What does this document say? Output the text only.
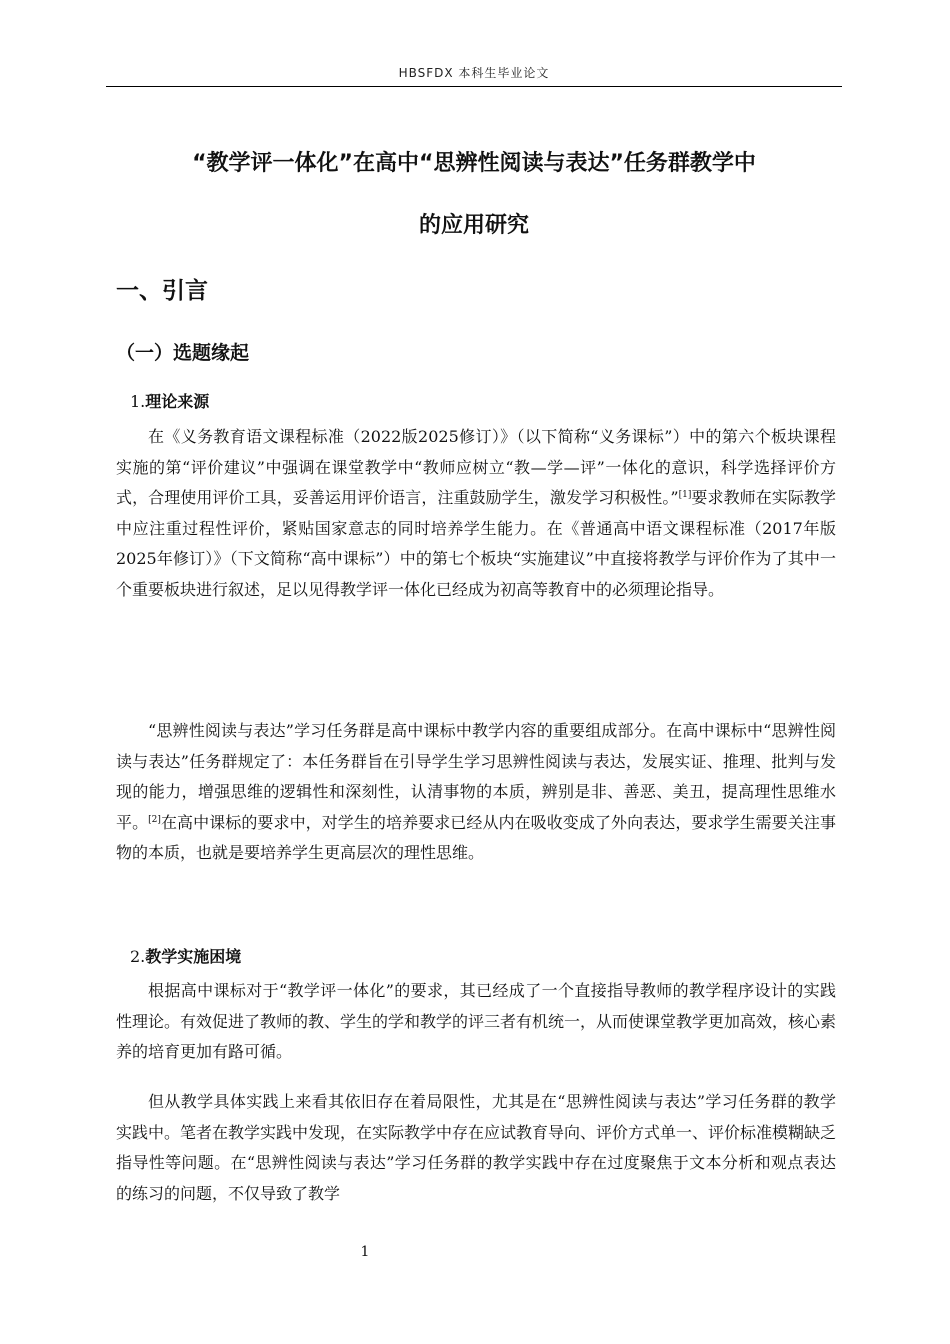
HBSFDX 本科生毕业论文
“教学评一体化”在高中“思辨性阅读与表达”任务群教学中
的应用研究
一、引言
（一）选题缘起
1.理论来源

在《义务教育语文课程标准（2022版2025修订）》（以下简称“义务课标”）中的第六个板块课程实施的第“评价建议”中强调在课堂教学中“教师应树立“教—学—评”一体化的意识，科学选择评价方式，合理使用评价工具，妥善运用评价语言，注重鼓励学生，激发学习积极性。”[1]要求教师在实际教学中应注重过程性评价，紧贴国家意志的同时培养学生能力。在《普通高中语文课程标准（2017年版2025年修订）》（下文简称“高中课标”）中的第七个板块“实施建议”中直接将教学与评价作为了其中一个重要板块进行叙述，足以见得教学评一体化已经成为初高等教育中的必须理论指导。

“思辨性阅读与表达”学习任务群是高中课标中教学内容的重要组成部分。在高中课标中“思辨性阅读与表达”任务群规定了：本任务群旨在引导学生学习思辨性阅读与表达，发展实证、推理、批判与发现的能力，增强思维的逻辑性和深刻性，认清事物的本质，辨别是非、善恶、美丑，提高理性思维水平。[2]在高中课标的要求中，对学生的培养要求已经从内在吸收变成了外向表达，要求学生需要关注事物的本质，也就是要培养学生更高层次的理性思维。

2.教学实施困境

根据高中课标对于“教学评一体化”的要求，其已经成了一个直接指导教师的教学程序设计的实践性理论。有效促进了教师的教、学生的学和教学的评三者有机统一，从而使课堂教学更加高效，核心素养的培育更加有路可循。

但从教学具体实践上来看其依旧存在着局限性，尤其是在“思辨性阅读与表达”学习任务群的教学实践中。笔者在教学实践中发现，在实际教学中存在应试教育导向、评价方式单一、评价标准模糊缺乏指导性等问题。在“思辨性阅读与表达”学习任务群的教学实践中存在过度聚焦于文本分析和观点表达的练习的问题，不仅导致了教学

1
